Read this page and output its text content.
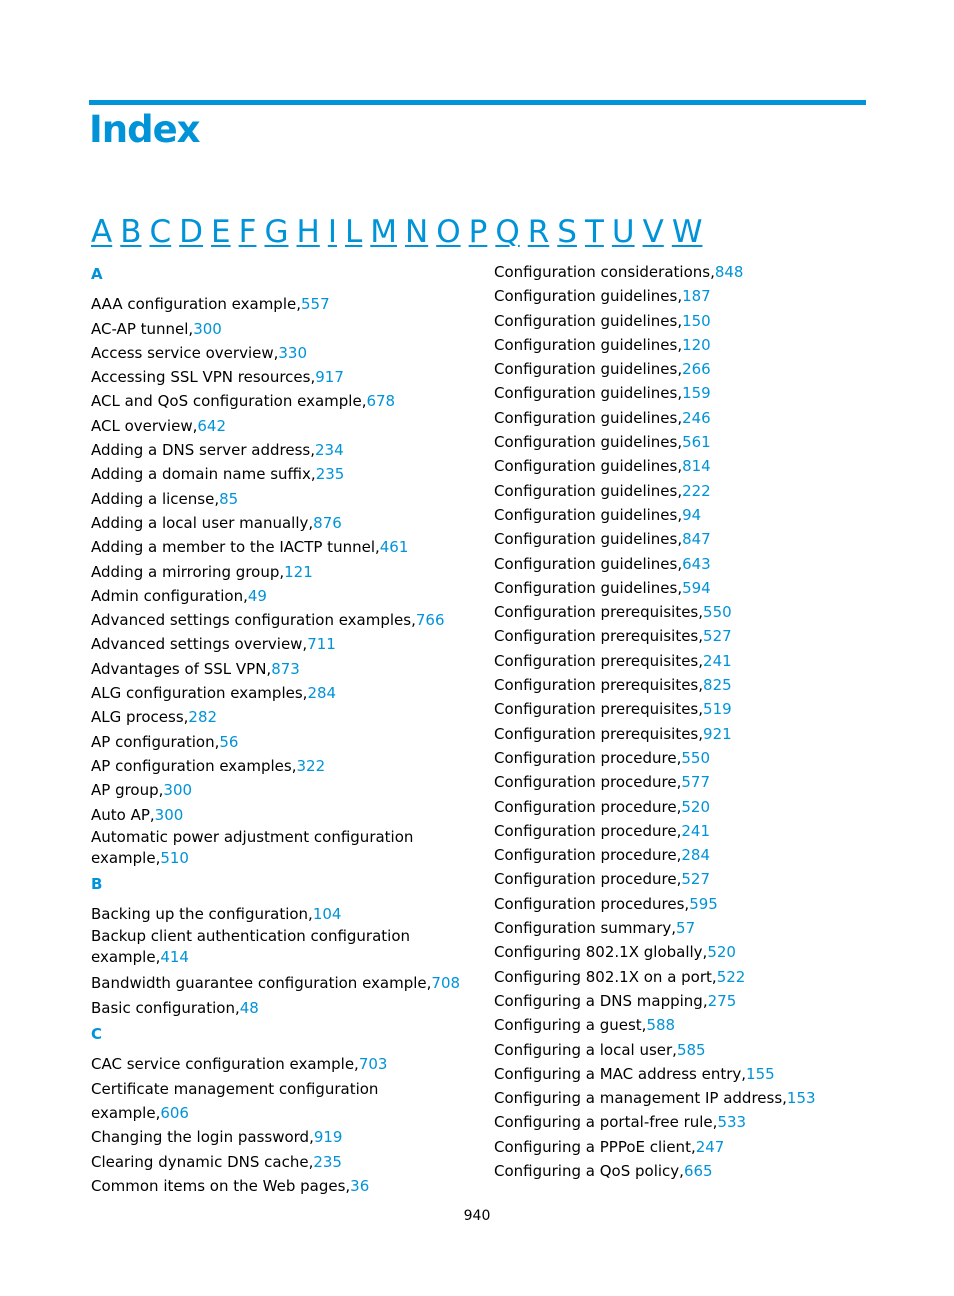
Index
A B C D E F G H I L M N O P Q R S T U V W
A
AAA configuration example,557
AC-AP tunnel,300
Access service overview,330
Accessing SSL VPN resources,917
ACL and QoS configuration example,678
ACL overview,642
Adding a DNS server address,234
Adding a domain name suffix,235
Adding a license,85
Adding a local user manually,876
Adding a member to the IACTP tunnel,461
Adding a mirroring group,121
Admin configuration,49
Advanced settings configuration examples,766
Advanced settings overview,711
Advantages of SSL VPN,873
ALG configuration examples,284
ALG process,282
AP configuration,56
AP configuration examples,322
AP group,300
Auto AP,300
Automatic power adjustment configuration example,510
B
Backing up the configuration,104
Backup client authentication configuration example,414
Bandwidth guarantee configuration example,708
Basic configuration,48
C
CAC service configuration example,703
Certificate management configuration example,606
Changing the login password,919
Clearing dynamic DNS cache,235
Common items on the Web pages,36
Configuration considerations,848
Configuration guidelines,187
Configuration guidelines,150
Configuration guidelines,120
Configuration guidelines,266
Configuration guidelines,159
Configuration guidelines,246
Configuration guidelines,561
Configuration guidelines,814
Configuration guidelines,222
Configuration guidelines,94
Configuration guidelines,847
Configuration guidelines,643
Configuration guidelines,594
Configuration prerequisites,550
Configuration prerequisites,527
Configuration prerequisites,241
Configuration prerequisites,825
Configuration prerequisites,519
Configuration prerequisites,921
Configuration procedure,550
Configuration procedure,577
Configuration procedure,520
Configuration procedure,241
Configuration procedure,284
Configuration procedure,527
Configuration procedures,595
Configuration summary,57
Configuring 802.1X globally,520
Configuring 802.1X on a port,522
Configuring a DNS mapping,275
Configuring a guest,588
Configuring a local user,585
Configuring a MAC address entry,155
Configuring a management IP address,153
Configuring a portal-free rule,533
Configuring a PPPoE client,247
Configuring a QoS policy,665
940
